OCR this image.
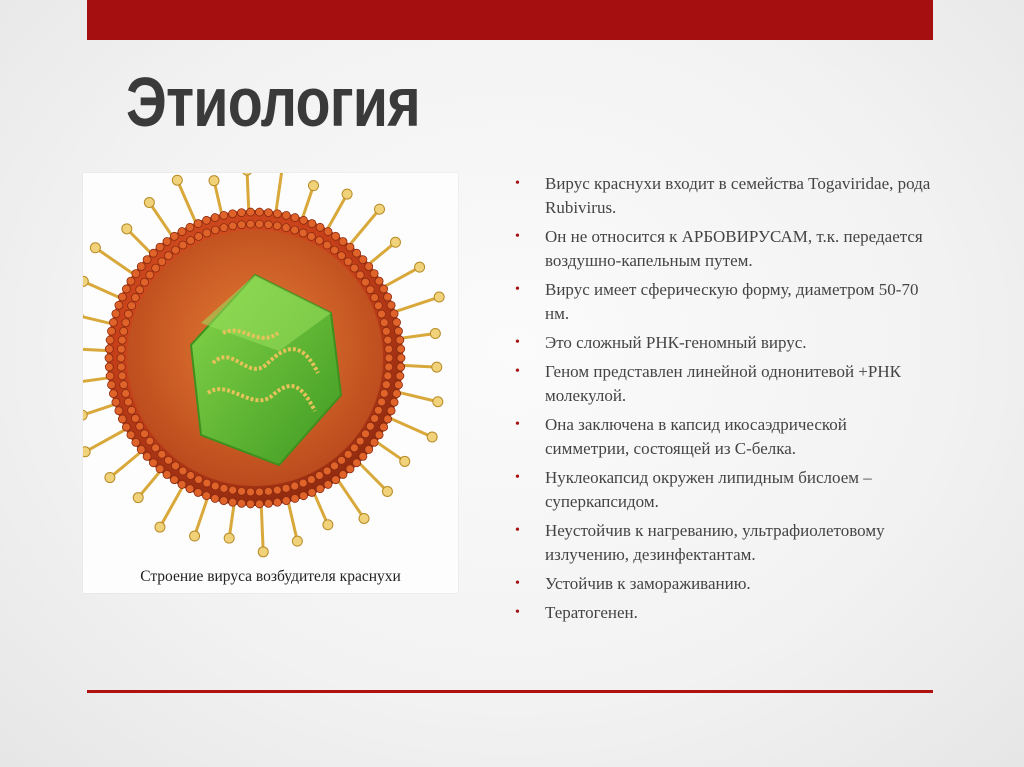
Этиология
Строение вируса возбудителя краснухи
• Вирус краснухи входит в семейства Togaviridae, рода Rubivirus.
• Он не относится к АРБОВИРУСАМ, т.к. передается воздушно-капельным путем.
• Вирус имеет сферическую форму, диаметром 50-70 нм.
• Это сложный РНК-геномный вирус.
• Геном представлен линейной однонитевой +РНК молекулой.
• Она заключена в капсид икосаэдрической симметрии, состоящей из С-белка.
• Нуклеокапсид окружен липидным бислоем – суперкапсидом.
• Неустойчив к нагреванию, ультрафиолетовому излучению, дезинфектантам.
• Устойчив к замораживанию.
• Тератогенен.
